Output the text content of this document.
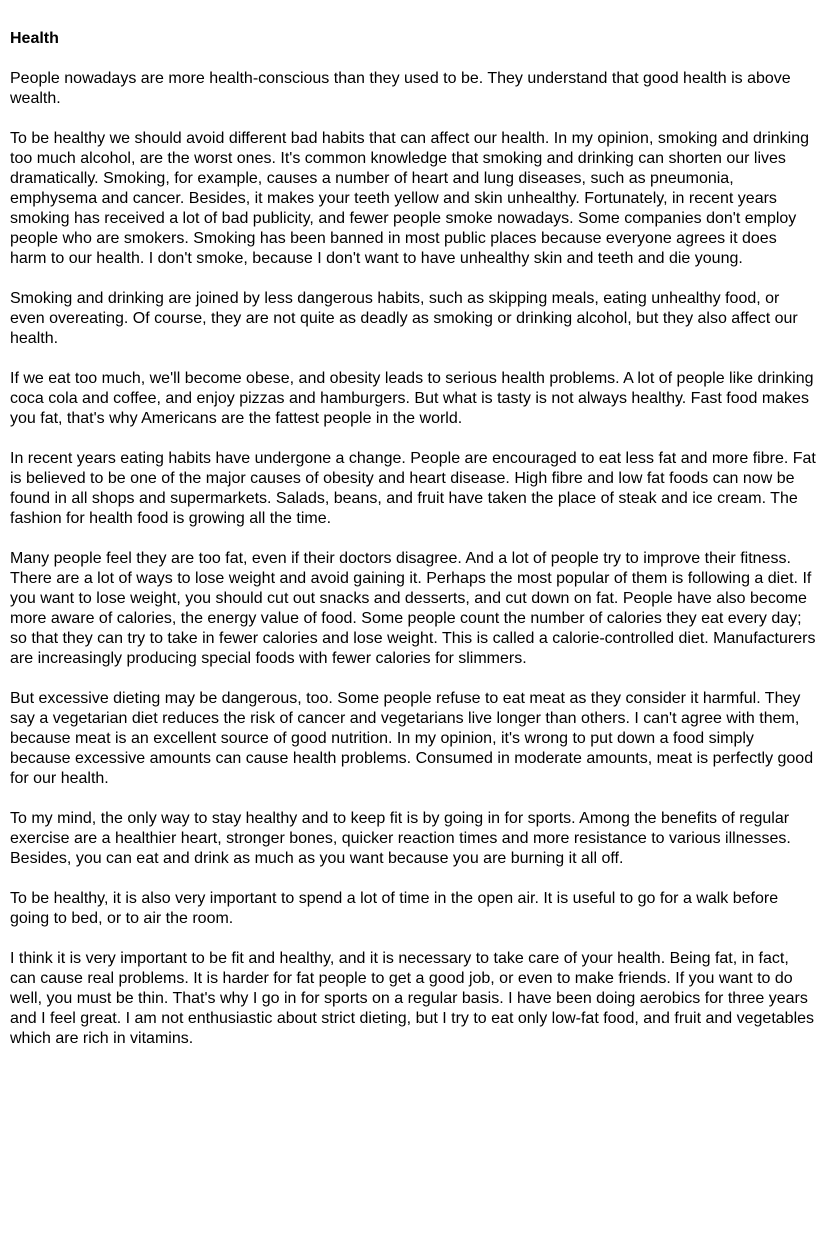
Health

People nowadays are more health-conscious than they used to be. They understand that good health is above wealth.

To be healthy we should avoid different bad habits that can affect our health. In my opinion, smoking and drinking too much alcohol, are the worst ones. It's common knowledge that smoking and drinking can shorten our lives dramatically. Smoking, for example, causes a number of heart and lung diseases, such as pneumonia, emphysema and cancer. Besides, it makes your teeth yellow and skin unhealthy. Fortunately, in recent years smoking has received a lot of bad publicity, and fewer people smoke nowadays. Some companies don't employ people who are smokers. Smoking has been banned in most public places because everyone agrees it does harm to our health. I don't smoke, because I don't want to have unhealthy skin and teeth and die young.

Smoking and drinking are joined by less dangerous habits, such as skipping meals, eating unhealthy food, or even overeating. Of course, they are not quite as deadly as smoking or drinking alcohol, but they also affect our health.

If we eat too much, we'll become obese, and obesity leads to serious health problems. A lot of people like drinking coca cola and coffee, and enjoy pizzas and hamburgers. But what is tasty is not always healthy. Fast food makes you fat, that's why Americans are the fattest people in the world.

In recent years eating habits have undergone a change. People are encouraged to eat less fat and more fibre. Fat is believed to be one of the major causes of obesity and heart disease. High fibre and low fat foods can now be found in all shops and supermarkets. Salads, beans, and fruit have taken the place of steak and ice cream. The fashion for health food is growing all the time.

Many people feel they are too fat, even if their doctors disagree. And a lot of people try to improve their fitness. There are a lot of ways to lose weight and avoid gaining it. Perhaps the most popular of them is following a diet. If you want to lose weight, you should cut out snacks and desserts, and cut down on fat. People have also become more aware of calories, the energy value of food. Some people count the number of calories they eat every day; so that they can try to take in fewer calories and lose weight. This is called a calorie-controlled diet. Manufacturers are increasingly producing special foods with fewer calories for slimmers.

But excessive dieting may be dangerous, too. Some people refuse to eat meat as they consider it harmful. They say a vegetarian diet reduces the risk of cancer and vegetarians live longer than others. I can't agree with them, because meat is an excellent source of good nutrition. In my opinion, it's wrong to put down a food simply because excessive amounts can cause health problems. Consumed in moderate amounts, meat is perfectly good for our health.

To my mind, the only way to stay healthy and to keep fit is by going in for sports. Among the benefits of regular exercise are a healthier heart, stronger bones, quicker reaction times and more resistance to various illnesses. Besides, you can eat and drink as much as you want because you are burning it all off.

To be healthy, it is also very important to spend a lot of time in the open air. It is useful to go for a walk before going to bed, or to air the room.

I think it is very important to be fit and healthy, and it is necessary to take care of your health. Being fat, in fact, can cause real problems. It is harder for fat people to get a good job, or even to make friends. If you want to do well, you must be thin. That's why I go in for sports on a regular basis. I have been doing aerobics for three years and I feel great. I am not enthusiastic about strict dieting, but I try to eat only low-fat food, and fruit and vegetables which are rich in vitamins.
